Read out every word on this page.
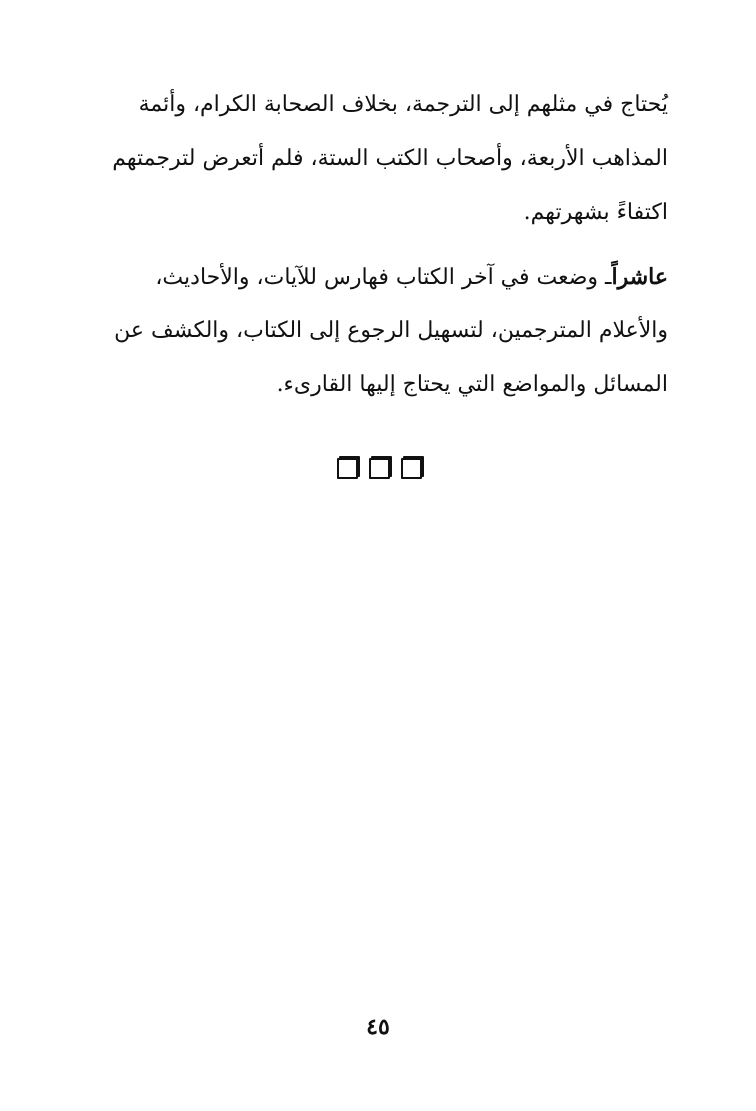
يُحتاج في مثلهم إلى الترجمة، بخلاف الصحابة الكرام، وأئمة
المذاهب الأربعة، وأصحاب الكتب الستة، فلم أتعرض لترجمتهم
اكتفاءً بشهرتهم.
عاشراًـ وضعت في آخر الكتاب فهارس للآيات، والأحاديث،
والأعلام المترجمين، لتسهيل الرجوع إلى الكتاب، والكشف عن
المسائل والمواضع التي يحتاج إليها القارىء.
٤٥
